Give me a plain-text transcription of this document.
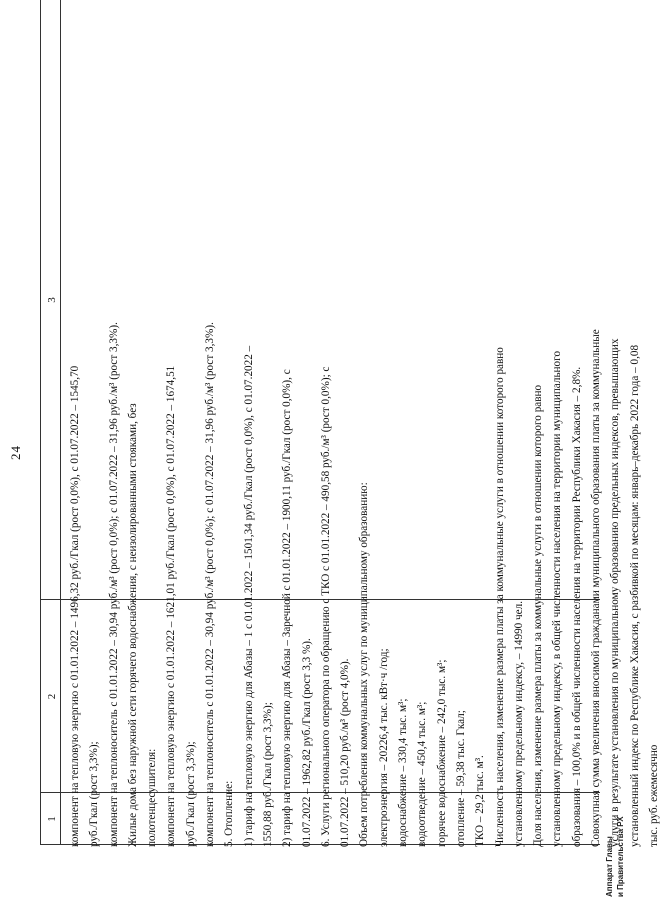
24
1
2
3

компонент на тепловую энергию с 01.01.2022 – 1496,32 руб./Гкал (рост 0,0%), с 01.07.2022 – 1545,70 руб./Гкал (рост 3,3%); компонент на теплоноситель с 01.01.2022 – 30,94 руб./м³ (рост 0,0%); с 01.07.2022 – 31,96 руб./м³ (рост 3,3%). Жилые дома без наружной сети горячего водоснабжения, с неизолированными стояками, без полотенцесушителя: компонент на тепловую энергию с 01.01.2022 – 1621,01 руб./Гкал (рост 0,0%), с 01.07.2022 – 1674,51 руб./Гкал (рост 3,3%); компонент на теплоноситель с 01.01.2022 – 30,94 руб./м³ (рост 0,0%); с 01.07.2022 – 31,96 руб./м³ (рост 3,3%). 5. Отопление: 1) тариф на тепловую энергию для Абазы – 1 с 01.01.2022 – 1501,34 руб./Гкал (рост 0,0%), с 01.07.2022 – 1550,88 руб./Гкал (рост 3,3%); 2) тариф на тепловую энергию для Абазы – Заречной с 01.01.2022 – 1900,11 руб./Гкал (рост 0,0%), с 01.07.2022 – 1962,82 руб./Гкал (рост 3,3 %). 6. Услуги регионального оператора по обращению с ТКО с 01.01.2022 – 490,58 руб./м³ (рост 0,0%); с 01.07.2022 – 510,20 руб./м³ (рост 4,0%). Объем потребления коммунальных услуг по муниципальному образованию: электроэнергия – 20226,4 тыс. кВт·ч /год; водоснабжение – 330,4 тыс. м³; водоотведение – 450,4 тыс. м³; горячее водоснабжение – 242,0 тыс. м³; отопление – 59,38 тыс. Гкал; ТКО – 29,2 тыс. м³. Численность населения, изменение размера платы за коммунальные услуги в отношении которого равно установленному предельному индексу, – 14990 чел. Доля населения, изменение размера платы за коммунальные услуги в отношении которого равно установленному предельному индексу, в общей численности населения на территории муниципального образования – 100,0% и в общей численности населения на территории Республики Хакасия – 2,8%. Совокупная сумма увеличения вносимой гражданами муниципального образования платы за коммунальные услуги в результате установления по муниципальному образованию предельных индексов, превышающих установленный индекс по Республике Хакасия, с разбивкой по месяцам: январь–декабрь 2022 года – 0,08 тыс. руб. ежемесячно

Аппарат Главы и Правительства РХ
